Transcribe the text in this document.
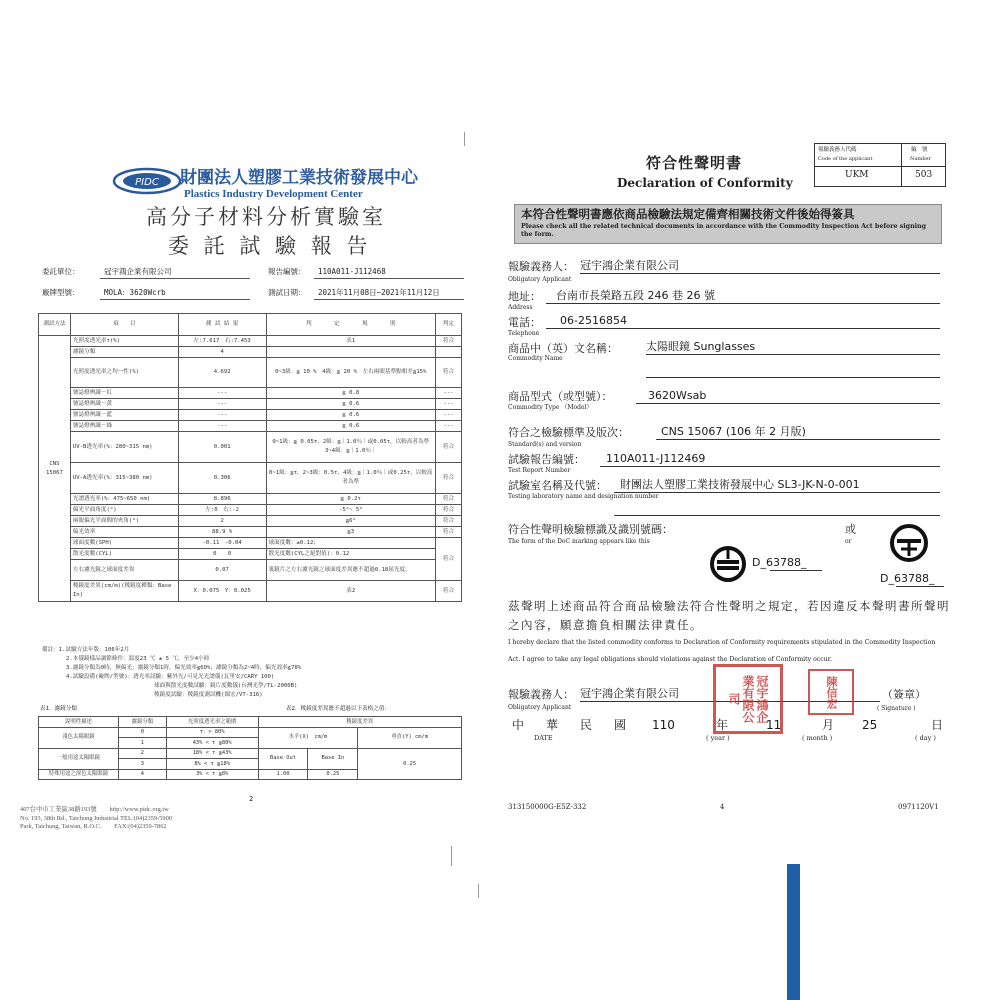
PIDC 財團法人塑膠工業技術發展中心
Plastics Industry Development Center
高分子材料分析實驗室
委 託 試 驗 報 告
委託單位：	冠宇鴻企業有限公司	報告編號： 110A011-J112468
廠牌型號：	MOLA：3620Wcrb	測試日期： 2021年11月08日~2021年11月12日
測試方法	項　　目	測 試 結 果	判　　　　定　　　　規　　　　則	判定
CNS 15067	光照度透光率τ(%)	左:7.617　右:7.453	表1	符合
	濾鏡分類	4		
	光照度透光率之均一性(%)	4.692	0~3級：≦ 10 %　4級：≦ 20 %　左右兩眼基準點相差≦15%	符合
	號誌燈辨識－紅	---	≧ 0.8	---
	號誌燈辨識－黃	---	≧ 0.6	---
	號誌燈辨識－藍	---	≧ 0.6	---
	號誌燈辨識－綠	---	≧ 0.6	---
	UV-B透光率(%：280~315 nm)	0.001	0~1級：≦ 0.05τ，2級：≦｜1.0％｜或0.05τ，以較高者為準　3~4級：≦｜1.0％｜	符合
	UV-A透光率(%：315~380 nm)	0.306	0~1級：≦τ，2~3級：0.5τ，4級：≦｜1.0％｜或0.25τ，以較高者為準	符合
	光譜透光率(%：475~650 nm)	8.896	≧ 0.2τ	符合
	偏光平面角度(°)	左:0　右:-2	-5°~ 5°	符合
	兩眼偏光平面間的夾角(°)	2	≦6°	符合
	偏光效率	88.9 %	≧3	符合
	球面度數(SPH)	-0.11　-0.04	球面度數：±0.12；	符合
	散光度數(CYL)	0　　0	散光度數(CYL之絕對值)：0.12	
	左右濾光鏡之球面度差異	0.07	裏鏡片之左右濾光鏡之球面度差異應不超過0.18屈光度。	
	稜鏡度差異(cm/m)(稜鏡度種類：Base In)	X：0.075　Y：0.025	表2	符合
備註：1.試驗方法年版：106年2月
2.本儀鏡樣品調節條件：溫度23 ℃ ± 5 ℃，至少4小時
3.濾鏡分類為0時，無偏光；濾鏡分類1時，偏光效率≧60%；濾鏡分類為2~4時，偏光效率≧78%
4.試驗設備(廠牌/型號)：透光率試驗：紫外光/可見光光譜儀(瓦里安/CARY 100)
球面與散光度數試驗：鏡片度數儀(台灣光學/TL-2000B)
稜鏡度試驗：稜鏡度測試機(錦宏/VT-316)
表1．濾鏡分類	表2．稜鏡度差異應不超過以下表格之值：
說明性描述	濾鏡分類	光照度透光率之範圍	稜鏡度差異		
淺色太陽眼鏡	0	τ：> 80%	水平(X)　cm/m		垂直(Y) cm/m
	1	43% < τ ≦80%			
一般用途太陽眼鏡	2	18% < τ ≦43%	Base Out	Base In	0.25
	3	8% < τ ≦18%			
特殊用途之深色太陽眼鏡	4	3% < τ ≦8%	1.00	0.25	
2
407台中市工業區38路193號　　http://www.pidc.org.tw
No. 193, 38th Rd., Taichung Industrial TEL:(04)2359-5900
Park, Taichung, Taiwan, R.O.C.　　FAX:(04)2359-7862
報驗義務人代碼
Code of the applicant
編　號
Number
UKM	503
符合性聲明書
Declaration of Conformity
本符合性聲明書應依商品檢驗法規定備齊相關技術文件後始得簽具
Please check all the related technical documents in accordance with the Commodity Inspection Act before signing the form.
報驗義務人：
Obligatory Applicant
冠宇鴻企業有限公司
地址：
Address
台南市長榮路五段 246 巷 26 號
電話：
Telephone
06-2516854
商品中（英）文名稱：
Commodity Name
太陽眼鏡 Sunglasses
商品型式（或型號）：
Commodity Type （Model）
3620Wsab
符合之檢驗標準及版次：
Standard(s) and version
CNS 15067 (106 年 2 月版)
試驗報告編號：
Test Report Number
110A011-J112469
試驗室名稱及代號：
Testing laboratory name and designation number
財團法人塑膠工業技術發展中心 SL3-JK-N-0-001
符合性聲明檢驗標識及識別號碼：
The form of the DoC marking appears like this
或
or
D_63788_
D_63788_
茲聲明上述商品符合商品檢驗法符合性聲明之規定，若因違反本聲明書所聲明之內容，願意擔負相關法律責任。
I hereby declare that the listed commodity conforms to Declaration of Conformity requirements stipulated in the Commodity Inspection Act. I agree to take any legal obligations should violations against the Declaration of Conformity occur.
報驗義務人：
Obligatory Applicant
冠宇鴻企業有限公司	（簽章）
( Signature )
冠宇鴻企業有限公司	陳信宏
中 華 民 國
DATE
110	年
( year )
11	月
( month )
25	日
( day )
313150000G-E5Z-332	4	0971120V1
